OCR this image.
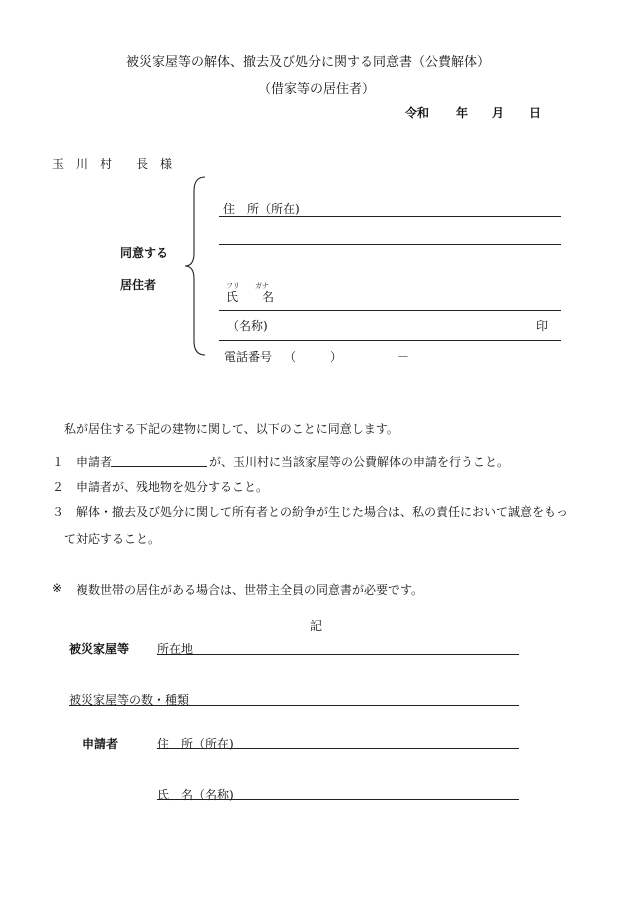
被災家屋等の解体、撤去及び処分に関する同意書（公費解体）
（借家等の居住者）
令和 年 月 日
玉　川　村 長　様
同意する
居住者
住　所（所在)
フリ ガナ
氏　　名
（名称)	印
電話番号 （	）	－
私が居住する下記の建物に関して、以下のことに同意します。
１ 申請者	が、玉川村に当該家屋等の公費解体の申請を行うこと。
２ 申請者が、残地物を処分すること。
３ 解体・撤去及び処分に関して所有者との紛争が生じた場合は、私の責任において誠意をもっ
て対応すること。
※ 複数世帯の居住がある場合は、世帯主全員の同意書が必要です。
記
被災家屋等 所在地
被災家屋等の数・種類
申請者	住　所（所在)
氏　名（名称)
